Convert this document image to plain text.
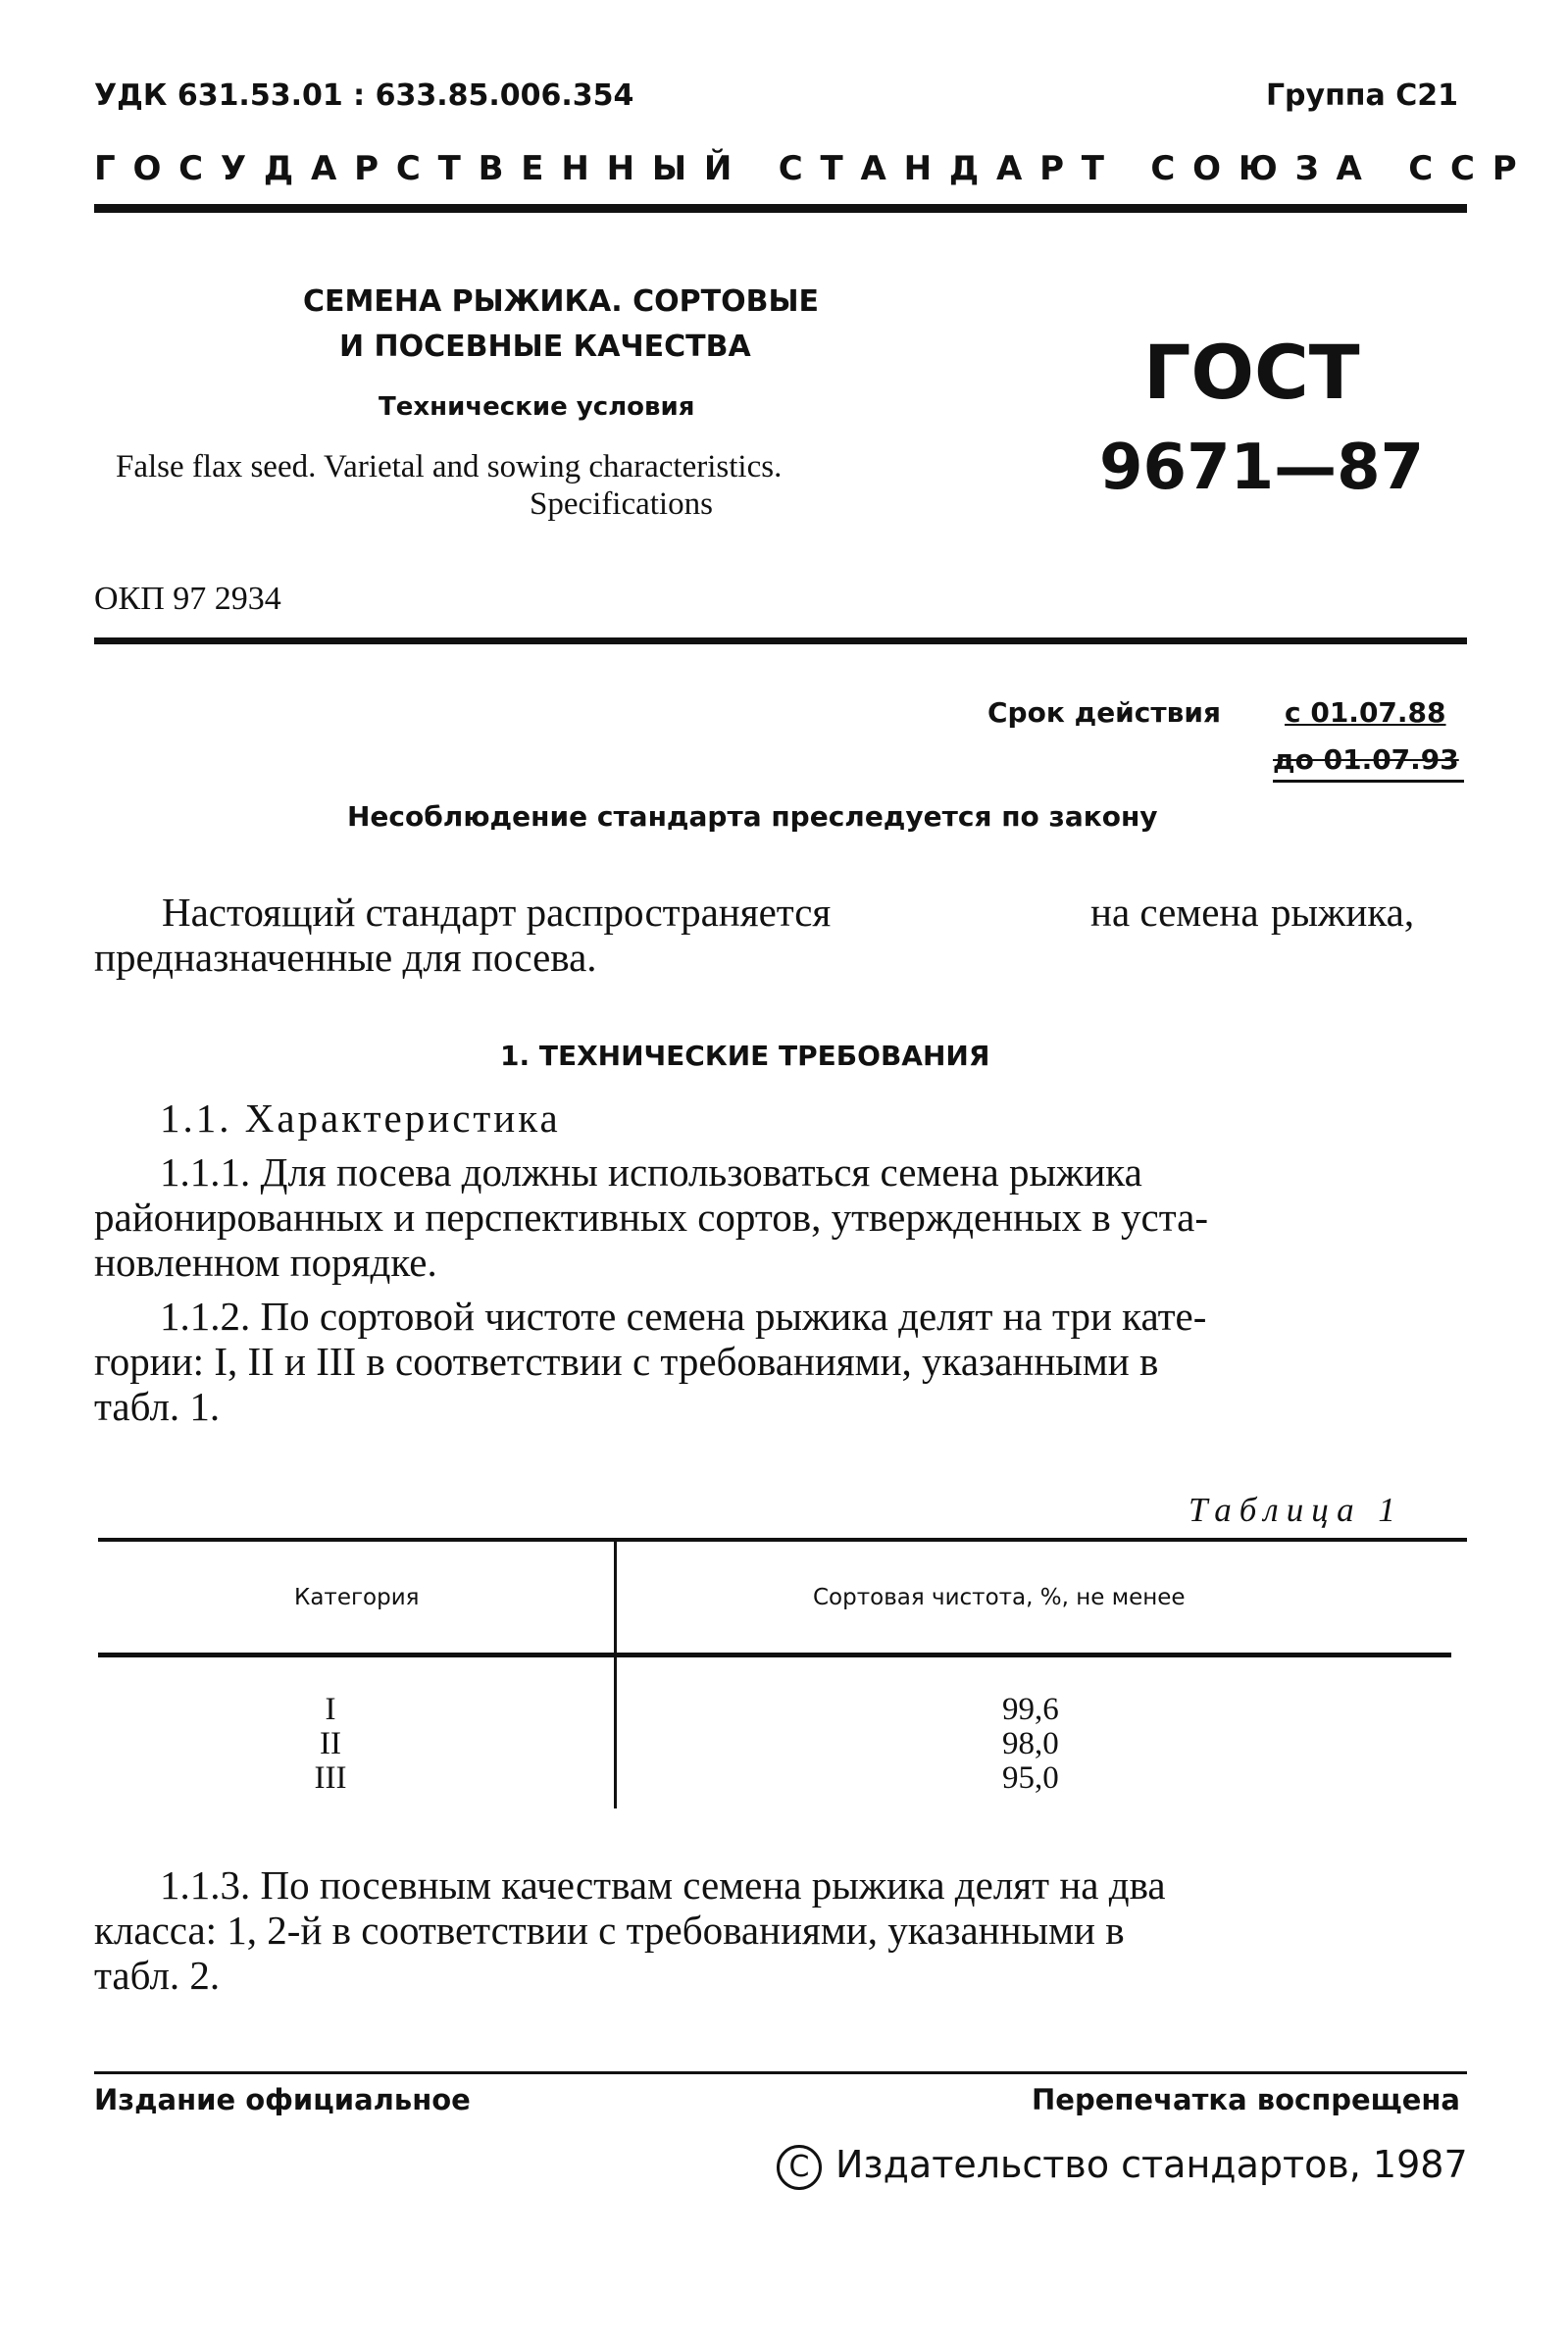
УДК 631.53.01 : 633.85.006.354	Группа С21
ГОСУДАРСТВЕННЫЙ СТАНДАРТ СОЮЗА ССР
СЕМЕНА РЫЖИКА. СОРТОВЫЕ
И ПОСЕВНЫЕ КАЧЕСТВА
Технические условия
False flax seed. Varietal and sowing characteristics.
Specifications
ГОСТ
9671—87
ОКП 97 2934
Срок действия с 01.07.88
до 01.07.93
Несоблюдение стандарта преследуется по закону
Настоящий стандарт распространяется	на семена рыжика,
предназначенные для посева.
1. ТЕХНИЧЕСКИЕ ТРЕБОВАНИЯ
1.1. Характеристика
1.1.1. Для посева должны использоваться семена рыжика
районированных и перспективных сортов, утвержденных в уста-
новленном порядке.
1.1.2. По сортовой чистоте семена рыжика делят на три кате-
гории: I, II и III в соответствии с требованиями, указанными в
табл. 1.
Таблица 1
Категория	Сортовая чистота, %, не менее
I	99,6
II	98,0
III	95,0
1.1.3. По посевным качествам семена рыжика делят на два
класса: 1, 2-й в соответствии с требованиями, указанными в
табл. 2.
Издание официальное	Перепечатка воспрещена
C Издательство стандартов, 1987
